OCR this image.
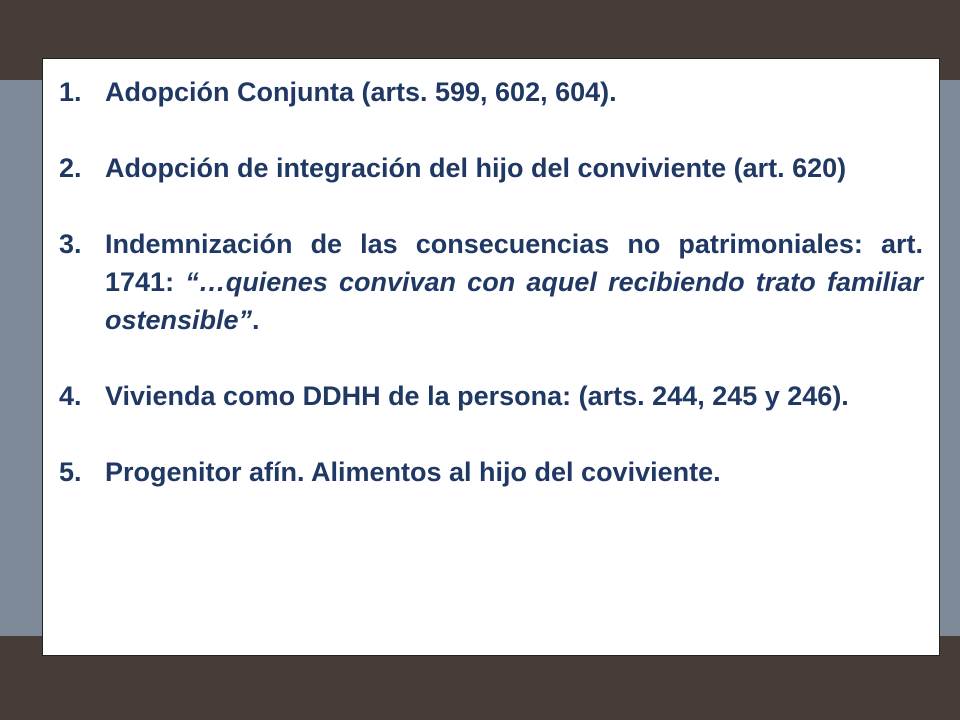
1. Adopción Conjunta (arts. 599, 602, 604).
2. Adopción de integración del hijo del conviviente (art. 620)
3. Indemnización de las consecuencias no patrimoniales: art. 1741: “…quienes convivan con aquel recibiendo trato familiar ostensible”.
4. Vivienda como DDHH de la persona: (arts. 244, 245 y 246).
5. Progenitor afín. Alimentos al hijo del coviviente.
